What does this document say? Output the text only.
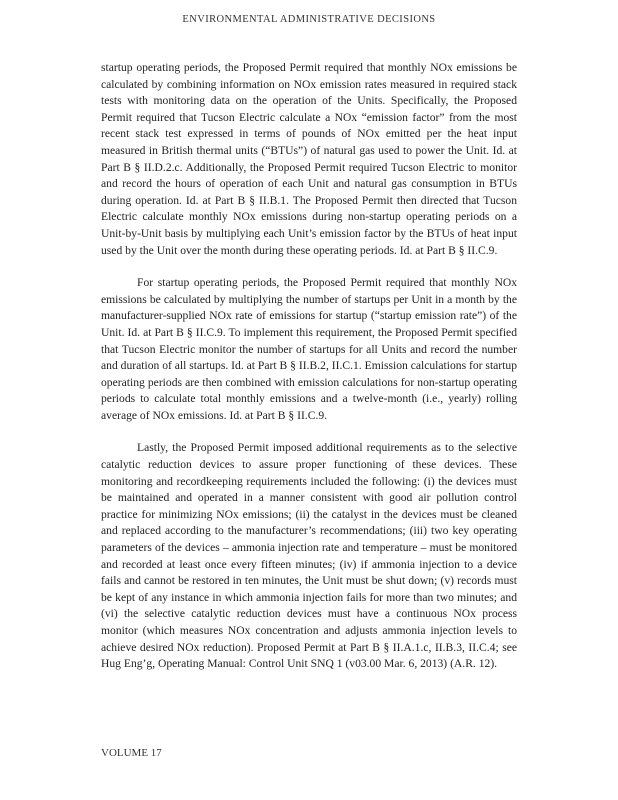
ENVIRONMENTAL ADMINISTRATIVE DECISIONS

startup operating periods, the Proposed Permit required that monthly NOx emissions be calculated by combining information on NOx emission rates measured in required stack tests with monitoring data on the operation of the Units. Specifically, the Proposed Permit required that Tucson Electric calculate a NOx “emission factor” from the most recent stack test expressed in terms of pounds of NOx emitted per the heat input measured in British thermal units (“BTUs”) of natural gas used to power the Unit. Id. at Part B § II.D.2.c. Additionally, the Proposed Permit required Tucson Electric to monitor and record the hours of operation of each Unit and natural gas consumption in BTUs during operation. Id. at Part B § II.B.1. The Proposed Permit then directed that Tucson Electric calculate monthly NOx emissions during non-startup operating periods on a Unit-by-Unit basis by multiplying each Unit’s emission factor by the BTUs of heat input used by the Unit over the month during these operating periods. Id. at Part B § II.C.9.

For startup operating periods, the Proposed Permit required that monthly NOx emissions be calculated by multiplying the number of startups per Unit in a month by the manufacturer-supplied NOx rate of emissions for startup (“startup emission rate”) of the Unit. Id. at Part B § II.C.9. To implement this requirement, the Proposed Permit specified that Tucson Electric monitor the number of startups for all Units and record the number and duration of all startups. Id. at Part B § II.B.2, II.C.1. Emission calculations for startup operating periods are then combined with emission calculations for non-startup operating periods to calculate total monthly emissions and a twelve-month (i.e., yearly) rolling average of NOx emissions. Id. at Part B § II.C.9.

Lastly, the Proposed Permit imposed additional requirements as to the selective catalytic reduction devices to assure proper functioning of these devices. These monitoring and recordkeeping requirements included the following: (i) the devices must be maintained and operated in a manner consistent with good air pollution control practice for minimizing NOx emissions; (ii) the catalyst in the devices must be cleaned and replaced according to the manufacturer’s recommendations; (iii) two key operating parameters of the devices – ammonia injection rate and temperature – must be monitored and recorded at least once every fifteen minutes; (iv) if ammonia injection to a device fails and cannot be restored in ten minutes, the Unit must be shut down; (v) records must be kept of any instance in which ammonia injection fails for more than two minutes; and (vi) the selective catalytic reduction devices must have a continuous NOx process monitor (which measures NOx concentration and adjusts ammonia injection levels to achieve desired NOx reduction). Proposed Permit at Part B § II.A.1.c, II.B.3, II.C.4; see Hug Eng’g, Operating Manual: Control Unit SNQ 1 (v03.00 Mar. 6, 2013) (A.R. 12).

VOLUME 17
